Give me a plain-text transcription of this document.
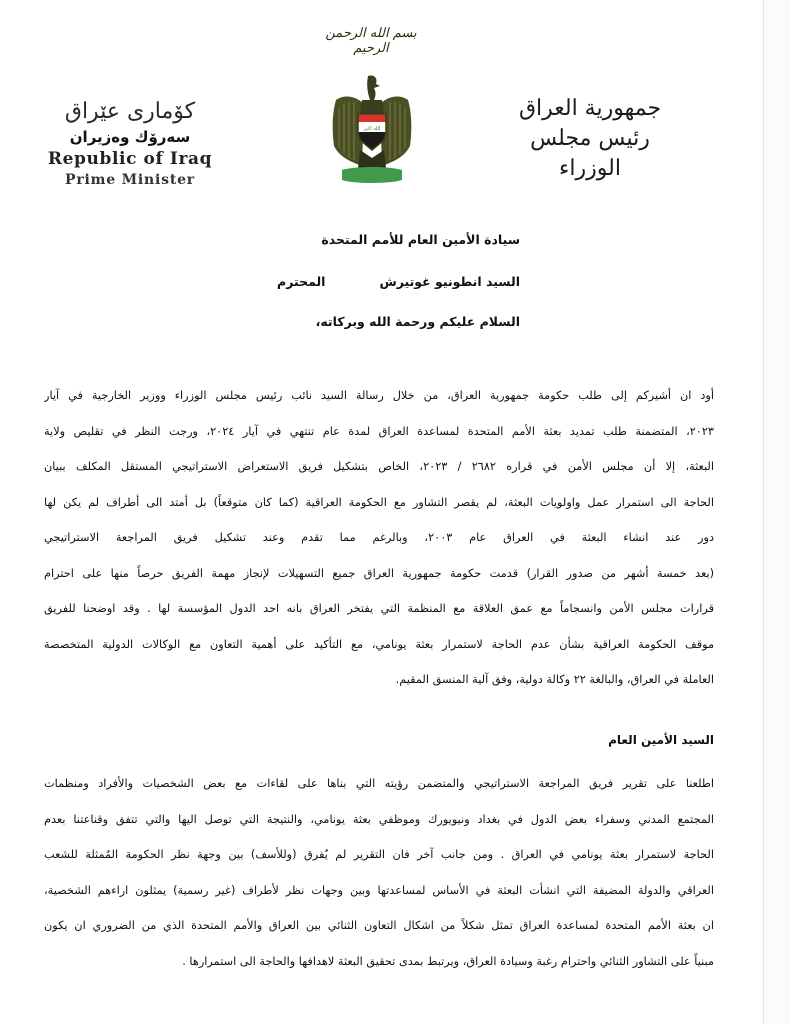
بسم الله الرحمن الرحيم
الله اكبر
جمهورية العراق
رئيس مجلس الوزراء
كۆماری عێراق
سەرۆك وەزیران
Republic of Iraq
Prime Minister
سيادة الأمين العام للأمم المتحدة
السيد انطونيو غوتيرشالمحترم
السلام عليكم ورحمة الله وبركاته،
أود ان أشيركم إلى طلب حكومة جمهورية العراق، من خلال رسالة السيد نائب رئيس مجلس الوزراء ووزير الخارجية في آيار
٢٠٢٣، المتضمنة طلب تمديد بعثة الأمم المتحدة لمساعدة العراق لمدة عام تنتهي في آيار ٢٠٢٤، ورجت النظر في تقليص ولاية
البعثة، إلا أن مجلس الأمن في قراره ٢٦٨٢ / ٢٠٢٣، الخاص بتشكيل فريق الاستعراض الاستراتيجي المستقل المكلف ببيان
الحاجة الى استمرار عمل واولويات البعثة، لم يقصر التشاور مع الحكومة العراقية (كما كان متوقعاً) بل أمتد الى أطراف لم يكن لها
دور عند انشاء البعثة في العراق عام ٢٠٠٣، وبالرغم مما تقدم وعند تشكيل فريق المراجعة الاستراتيجي
(بعد خمسة أشهر من صدور القرار) قدمت حكومة جمهورية العراق جميع التسهيلات لإنجاز مهمة الفريق حرصاً منها على احترام
قرارات مجلس الأمن وانسجاماً مع عمق العلاقة مع المنظمة التي يفتخر العراق بانه احد الدول المؤسسة لها . وقد اوضحنا للفريق
موقف الحكومة العراقية بشأن عدم الحاجة لاستمرار بعثة يونامي، مع التأكيد على أهمية التعاون مع الوكالات الدولية المتخصصة
العاملة في العراق، والبالغة ٢٢ وكالة دولية، وفق آلية المنسق المقيم.
السيد الأمين العام
اطلعنا على تقرير فريق المراجعة الاستراتيجي والمتضمن رؤيته التي بناها على لقاءات مع بعض الشخصيات والأفراد ومنظمات
المجتمع المدني وسفراء بعض الدول في بغداد ونيويورك وموظفي بعثة يونامي، والنتيجة التي توصل اليها والتي تتفق وقناعتنا بعدم
الحاجة لاستمرار بعثة يونامي في العراق . ومن جانب آخر فان التقرير لم يُفرق (وللأسف) بين وجهة نظر الحكومة المُمثلة للشعب
العراقي والدولة المضيفة التي انشأت البعثة في الأساس لمساعدتها وبين وجهات نظر لأطراف (غير رسمية) يمثلون اراءهم الشخصية،
ان بعثة الأمم المتحدة لمساعدة العراق تمثل شكلاً من اشكال التعاون الثنائي بين العراق والأمم المتحدة الذي من الضروري ان يكون
مبنياً على التشاور الثنائي واحترام رغبة وسيادة العراق، ويرتبط بمدى تحقيق البعثة لاهدافها والحاجة الى استمرارها .
